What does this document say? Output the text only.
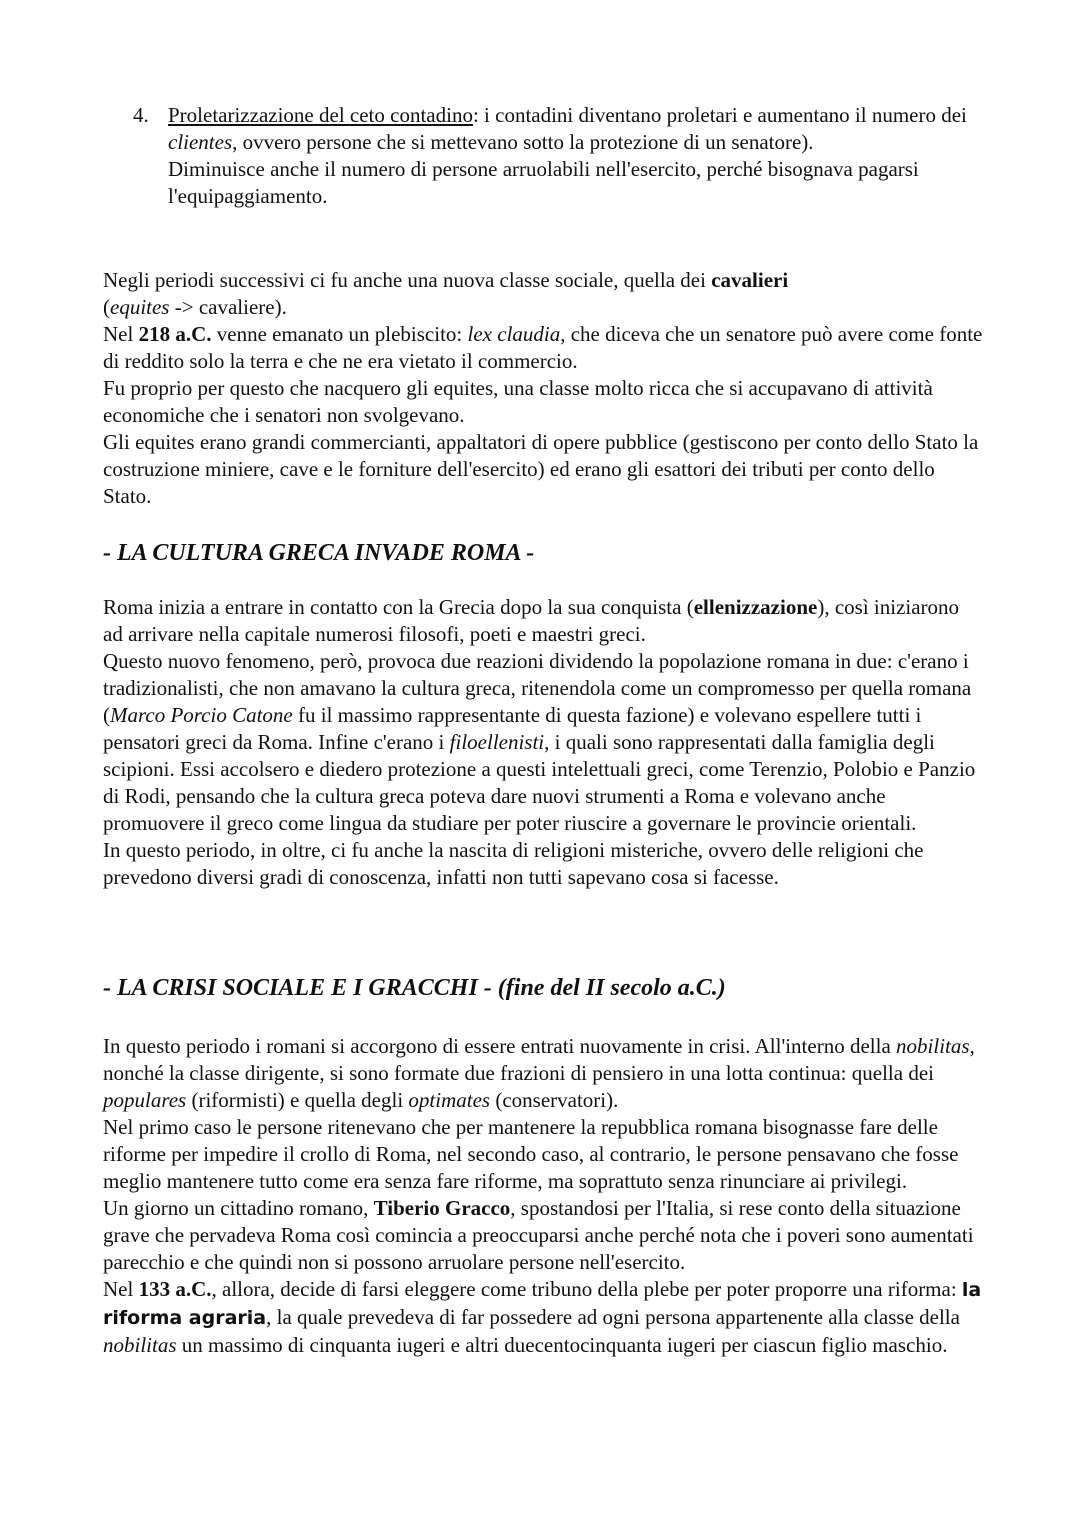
4. Proletarizzazione del ceto contadino: i contadini diventano proletari e aumentano il numero dei clientes, ovvero persone che si mettevano sotto la protezione di un senatore).
Diminuisce anche il numero di persone arruolabili nell'esercito, perché bisognava pagarsi l'equipaggiamento.

Negli periodi successivi ci fu anche una nuova classe sociale, quella dei cavalieri
(equites -> cavaliere).
Nel 218 a.C. venne emanato un plebiscito: lex claudia, che diceva che un senatore può avere come fonte di reddito solo la terra e che ne era vietato il commercio.
Fu proprio per questo che nacquero gli equites, una classe molto ricca che si accupavano di attività economiche che i senatori non svolgevano.
Gli equites erano grandi commercianti, appaltatori di opere pubblice (gestiscono per conto dello Stato la costruzione miniere, cave e le forniture dell'esercito) ed erano gli esattori dei tributi per conto dello Stato.

- LA CULTURA GRECA INVADE ROMA -

Roma inizia a entrare in contatto con la Grecia dopo la sua conquista (ellenizzazione), così iniziarono ad arrivare nella capitale numerosi filosofi, poeti e maestri greci.
Questo nuovo fenomeno, però, provoca due reazioni dividendo la popolazione romana in due: c'erano i tradizionalisti, che non amavano la cultura greca, ritenendola come un compromesso per quella romana (Marco Porcio Catone fu il massimo rappresentante di questa fazione) e volevano espellere tutti i pensatori greci da Roma. Infine c'erano i filoellenisti, i quali sono rappresentati dalla famiglia degli scipioni. Essi accolsero e diedero protezione a questi intelettuali greci, come Terenzio, Polobio e Panzio di Rodi, pensando che la cultura greca poteva dare nuovi strumenti a Roma e volevano anche promuovere il greco come lingua da studiare per poter riuscire a governare le provincie orientali.
In questo periodo, in oltre, ci fu anche la nascita di religioni misteriche, ovvero delle religioni che prevedono diversi gradi di conoscenza, infatti non tutti sapevano cosa si facesse.

- LA CRISI SOCIALE E I GRACCHI - (fine del II secolo a.C.)

In questo periodo i romani si accorgono di essere entrati nuovamente in crisi. All'interno della nobilitas, nonché la classe dirigente, si sono formate due frazioni di pensiero in una lotta continua: quella dei populares (riformisti) e quella degli optimates (conservatori).
Nel primo caso le persone ritenevano che per mantenere la repubblica romana bisognasse fare delle riforme per impedire il crollo di Roma, nel secondo caso, al contrario, le persone pensavano che fosse meglio mantenere tutto come era senza fare riforme, ma soprattuto senza rinunciare ai privilegi.
Un giorno un cittadino romano, Tiberio Gracco, spostandosi per l'Italia, si rese conto della situazione grave che pervadeva Roma così comincia a preoccuparsi anche perché nota che i poveri sono aumentati parecchio e che quindi non si possono arruolare persone nell'esercito.
Nel 133 a.C., allora, decide di farsi eleggere come tribuno della plebe per poter proporre una riforma: la riforma agraria, la quale prevedeva di far possedere ad ogni persona appartenente alla classe della nobilitas un massimo di cinquanta iugeri e altri duecentocinquanta iugeri per ciascun figlio maschio.
